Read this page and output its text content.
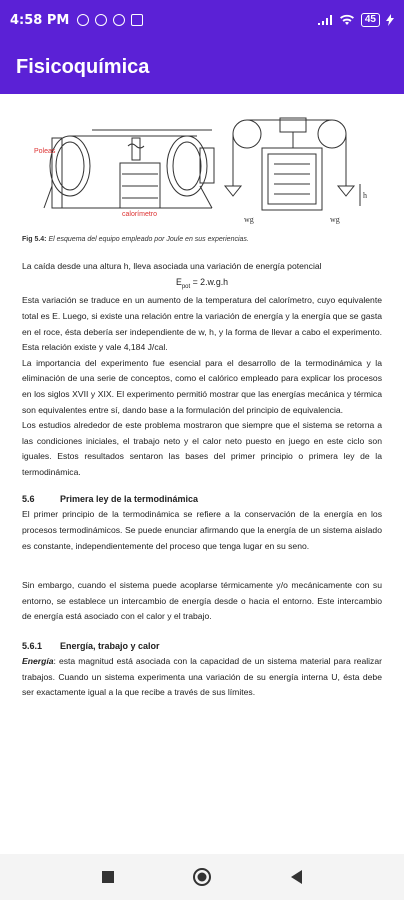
4:58 PM	45
Fisicoquímica
Poleas
calorímetro
wg	wg
h
Fig 5.4: El esquema del equipo empleado por Joule en sus experiencias.

La caída desde una altura h, lleva asociada una variación de energía potencial

$E_{pot} = 2.w.g.h$

Esta variación se traduce en un aumento de la temperatura del calorímetro, cuyo equivalente total es E. Luego, si existe una relación entre la variación de energía y la energía que se gasta en el roce, ésta debería ser independiente de w, h, y la forma de llevar a cabo el experimento. Esta relación existe y vale 4,184 J/cal.

La importancia del experimento fue esencial para el desarrollo de la termodinámica y la eliminación de una serie de conceptos, como el calórico empleado para explicar los procesos en los siglos XVII y XIX. El experimento permitió mostrar que las energías mecánica y térmica son equivalentes entre sí, dando base a la formulación del principio de equivalencia.

Los estudios alrededor de este problema mostraron que siempre que el sistema se retorna a las condiciones iniciales, el trabajo neto y el calor neto puesto en juego en este ciclo son iguales. Estos resultados sentaron las bases del primer principio o primera ley de la termodinámica.

5.6	Primera ley de la termodinámica

El primer principio de la termodinámica se refiere a la conservación de la energía en los procesos termodinámicos. Se puede enunciar afirmando que la energía de un sistema aislado es constante, independientemente del proceso que tenga lugar en su seno.

Sin embargo, cuando el sistema puede acoplarse térmicamente y/o mecánicamente con su entorno, se establece un intercambio de energía desde o hacia el entorno. Este intercambio de energía está asociado con el calor y el trabajo.

5.6.1 Energía, trabajo y calor

Energía: esta magnitud está asociada con la capacidad de un sistema material para realizar trabajos. Cuando un sistema experimenta una variación de su energía interna U, ésta debe ser exactamente igual a la que recibe a través de sus límites.
